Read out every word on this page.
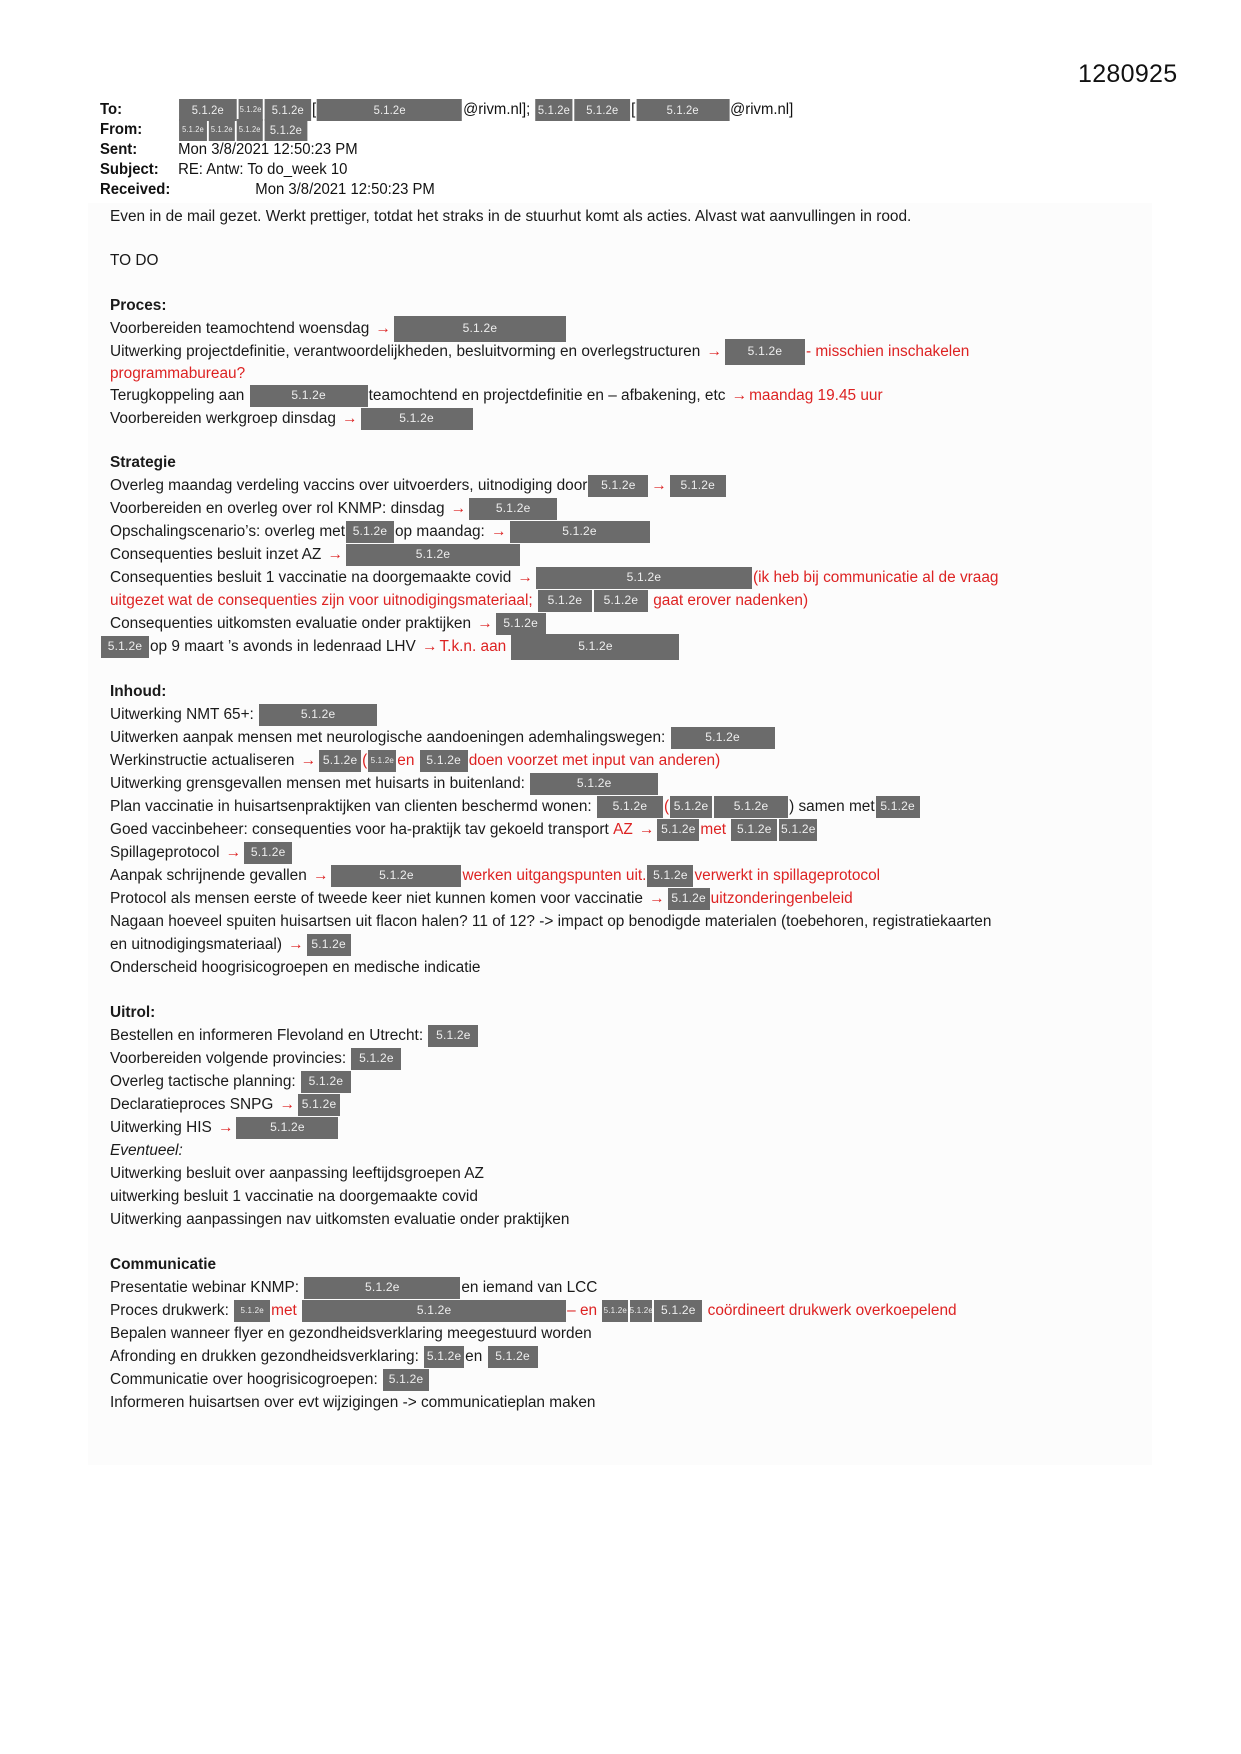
1280925
To:	5.1.2e	5.1.2e 5.1.2e [	5.1.2e	@rivm.nl]; 5.1.2e	5.1.2e [	5.1.2e	@rivm.nl]
From:	5.1.2e 5.1.2e 5.1.2e 5.1.2e
Sent:	Mon 3/8/2021 12:50:23 PM
Subject: RE: Antw: To do_week 10
Received:	Mon 3/8/2021 12:50:23 PM
Even in de mail gezet. Werkt prettiger, totdat het straks in de stuurhut komt als acties. Alvast wat aanvullingen in rood.
TO DO
Proces:
Voorbereiden teamochtend woensdag →	5.1.2e
Uitwerking projectdefinitie, verantwoordelijkheden, besluitvorming en overlegstructuren →	5.1.2e	- misschien inschakelen
programmabureau?
Terugkoppeling aan	5.1.2e	teamochtend en projectdefinitie en – afbakening, etc → maandag 19.45 uur
Voorbereiden werkgroep dinsdag →	5.1.2e
Strategie
Overleg maandag verdeling vaccins over uitvoerders, uitnodiging door	5.1.2e	→	5.1.2e
Voorbereiden en overleg over rol KNMP: dinsdag →	5.1.2e
Opschalingscenario’s: overleg met 5.1.2e op maandag: →	5.1.2e
Consequenties besluit inzet AZ →	5.1.2e
Consequenties besluit 1 vaccinatie na doorgemaakte covid →	5.1.2e	(ik heb bij communicatie al de vraag
uitgezet wat de consequenties zijn voor uitnodigingsmateriaal; 5.1.2e	5.1.2e gaat erover nadenken)
Consequenties uitkomsten evaluatie onder praktijken → 5.1.2e
5.1.2e op 9 maart ’s avonds in ledenraad LHV → T.k.n. aan	5.1.2e
Inhoud:
Uitwerking NMT 65+:	5.1.2e
Uitwerken aanpak mensen met neurologische aandoeningen ademhalingswegen:	5.1.2e
Werkinstructie actualiseren → 5.1.2e ( 5.1.2e en 5.1.2e doen voorzet met input van anderen)
Uitwerking grensgevallen mensen met huisarts in buitenland:	5.1.2e
Plan vaccinatie in huisartsenpraktijken van clienten beschermd wonen:	5.1.2e	( 5.1.2e	5.1.2e	) samen met 5.1.2e
Goed vaccinbeheer: consequenties voor ha-praktijk tav gekoeld transport AZ → 5.1.2e met 5.1.2e 5.1.2e
Spillageprotocol → 5.1.2e
Aanpak schrijnende gevallen →	5.1.2e	werken uitgangspunten uit. 5.1.2e verwerkt in spillageprotocol
Protocol als mensen eerste of tweede keer niet kunnen komen voor vaccinatie → 5.1.2e uitzonderingenbeleid
Nagaan hoeveel spuiten huisartsen uit flacon halen? 11 of 12? -> impact op benodigde materialen (toebehoren, registratiekaarten
en uitnodigingsmateriaal) → 5.1.2e
Onderscheid hoogrisicogroepen en medische indicatie
Uitrol:
Bestellen en informeren Flevoland en Utrecht: 5.1.2e
Voorbereiden volgende provincies: 5.1.2e
Overleg tactische planning: 5.1.2e
Declaratieproces SNPG → 5.1.2e
Uitwerking HIS →	5.1.2e
Eventueel:
Uitwerking besluit over aanpassing leeftijdsgroepen AZ
uitwerking besluit 1 vaccinatie na doorgemaakte covid
Uitwerking aanpassingen nav uitkomsten evaluatie onder praktijken
Communicatie
Presentatie webinar KNMP:	5.1.2e	en iemand van LCC
Proces drukwerk: 5.1.2e met	5.1.2e	– en 5.1.2e 5.1.2e 5.1.2e coördineert drukwerk overkoepelend
Bepalen wanneer flyer en gezondheidsverklaring meegestuurd worden
Afronding en drukken gezondheidsverklaring: 5.1.2e en 5.1.2e
Communicatie over hoogrisicogroepen: 5.1.2e
Informeren huisartsen over evt wijzigingen -> communicatieplan maken
